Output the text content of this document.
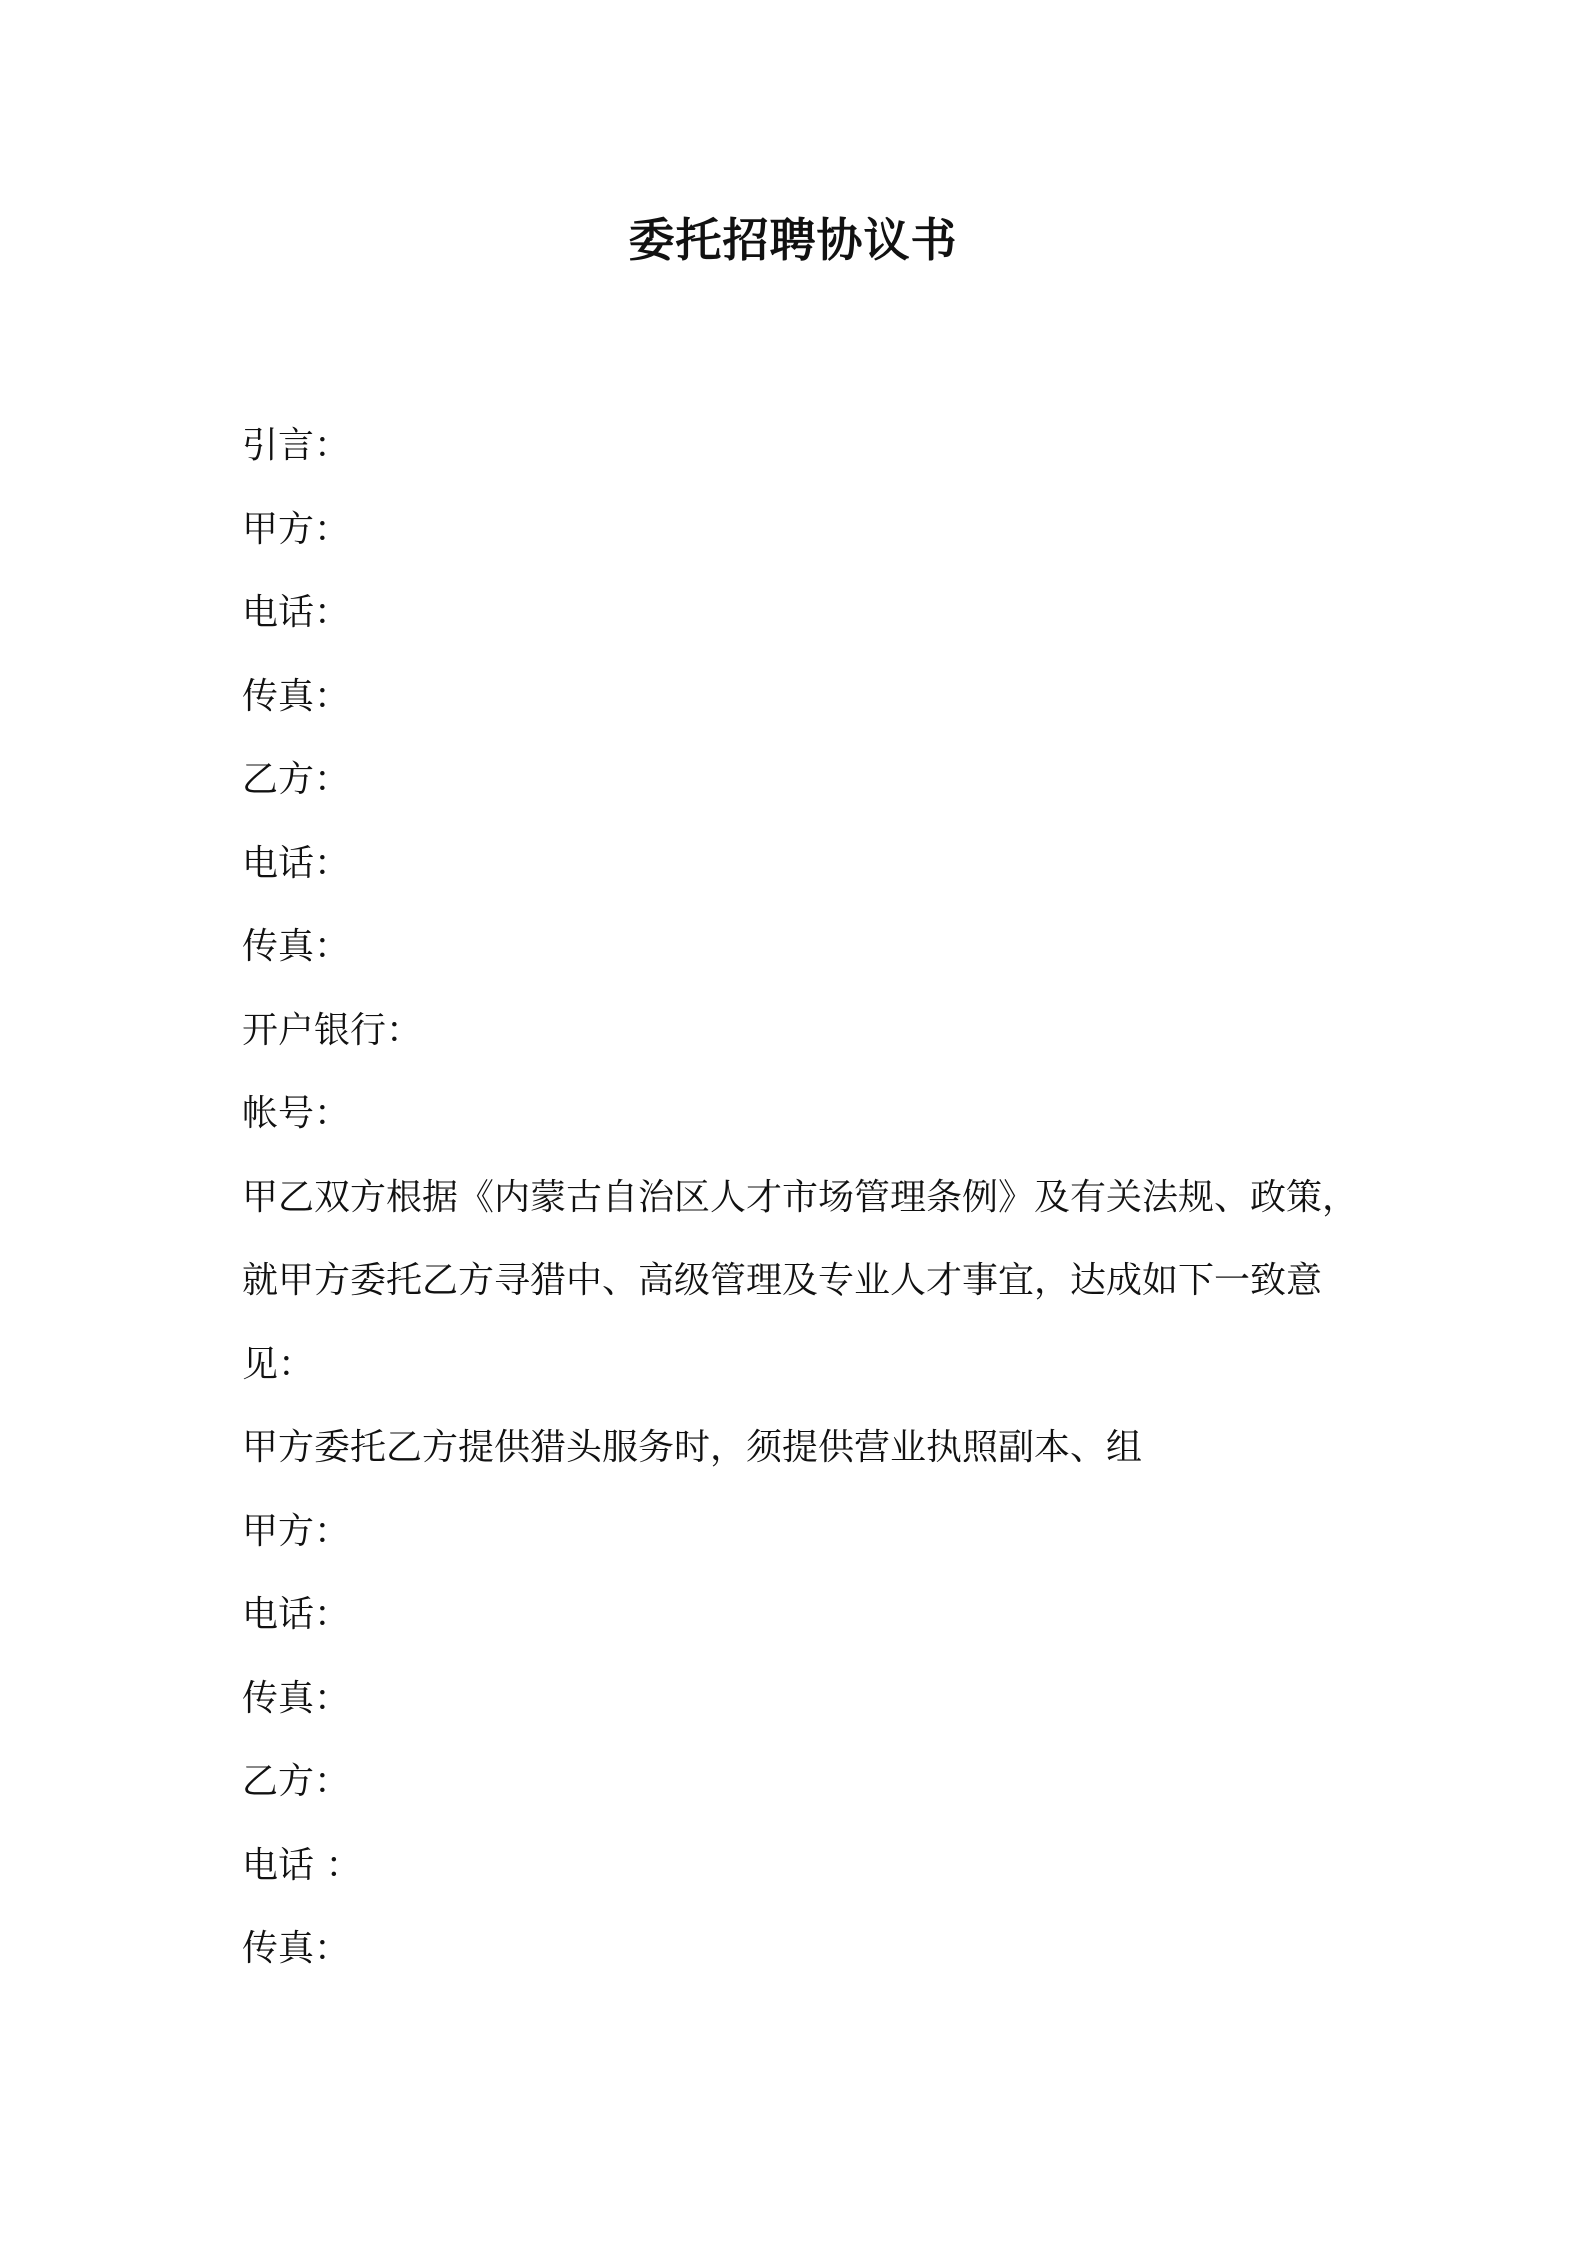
委托招聘协议书

引言：

甲方：

电话：

传真：

乙方：

电话：

传真：

开户银行：

帐号：

甲乙双方根据《内蒙古自治区人才市场管理条例》及有关法规、政策，

就甲方委托乙方寻猎中、高级管理及专业人才事宜，达成如下一致意

见：

甲方委托乙方提供猎头服务时，须提供营业执照副本、组

甲方：

电话：

传真：

乙方：

电话 ：

传真：
